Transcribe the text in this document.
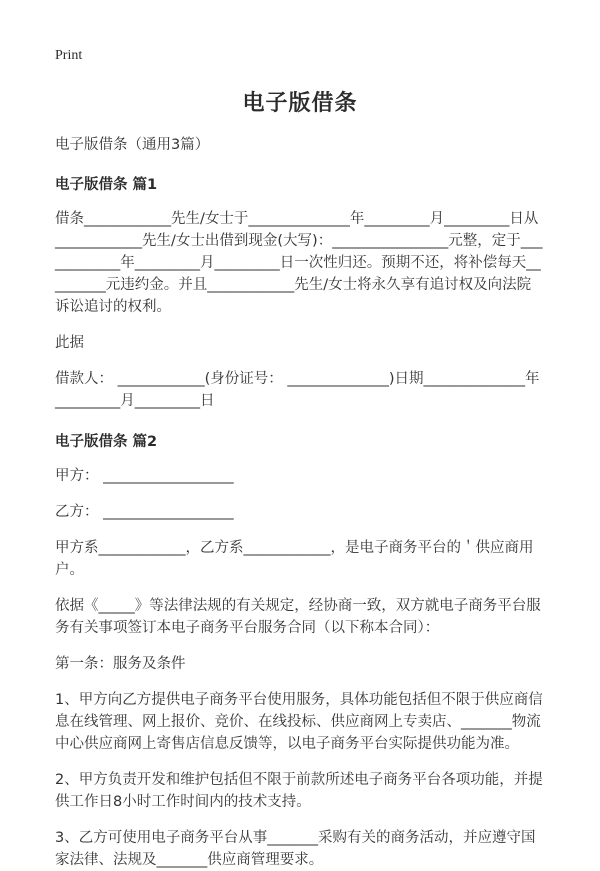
Print
电子版借条

电子版借条（通用3篇）

电子版借条 篇1

借条____________先生/女士于______________年_________月_________日从____________先生/女士出借到现金(大写)：________________元整，定于____________年_________月_________日一次性归还。预期不还，将补偿每天_________元违约金。并且____________先生/女士将永久享有追讨权及向法院诉讼追讨的权利。

此据

借款人： ____________(身份证号： ______________)日期______________年_________月_________日

电子版借条 篇2

甲方： __________________

乙方： __________________

甲方系____________，乙方系____________，是电子商务平台的＇供应商用户。

依据《_____》等法律法规的有关规定，经协商一致，双方就电子商务平台服务有关事项签订本电子商务平台服务合同（以下称本合同）：

第一条：服务及条件

1、甲方向乙方提供电子商务平台使用服务，具体功能包括但不限于供应商信息在线管理、网上报价、竞价、在线投标、供应商网上专卖店、_______物流中心供应商网上寄售店信息反馈等，以电子商务平台实际提供功能为准。

2、甲方负责开发和维护包括但不限于前款所述电子商务平台各项功能，并提供工作日8小时工作时间内的技术支持。

3、乙方可使用电子商务平台从事_______采购有关的商务活动，并应遵守国家法律、法规及_______供应商管理要求。
